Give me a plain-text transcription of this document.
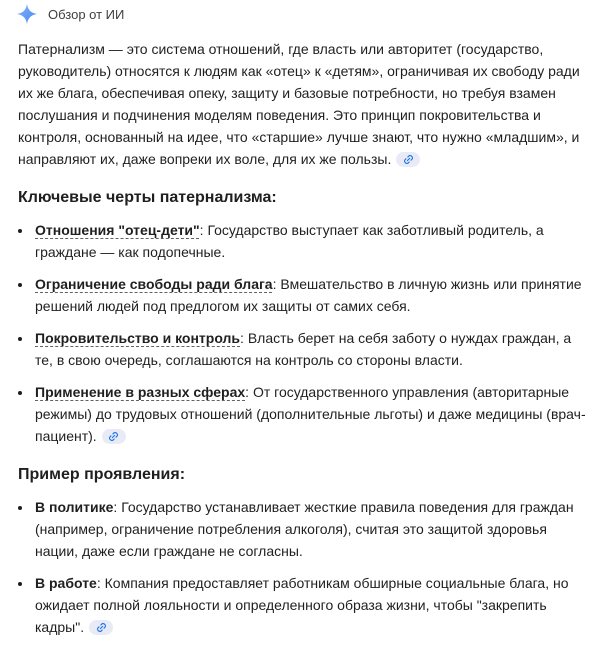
Обзор от ИИ

Патернализм — это система отношений, где власть или авторитет (государство, руководитель) относятся к людям как «отец» к «детям», ограничивая их свободу ради их же блага, обеспечивая опеку, защиту и базовые потребности, но требуя взамен послушания и подчинения моделям поведения. Это принцип покровительства и контроля, основанный на идее, что «старшие» лучше знают, что нужно «младшим», и направляют их, даже вопреки их воле, для их же пользы.

Ключевые черты патернализма:
Отношения "отец-дети": Государство выступает как заботливый родитель, а граждане — как подопечные.
Ограничение свободы ради блага: Вмешательство в личную жизнь или принятие решений людей под предлогом их защиты от самих себя.
Покровительство и контроль: Власть берет на себя заботу о нуждах граждан, а те, в свою очередь, соглашаются на контроль со стороны власти.
Применение в разных сферах: От государственного управления (авторитарные режимы) до трудовых отношений (дополнительные льготы) и даже медицины (врач-пациент).
Пример проявления:
В политике: Государство устанавливает жесткие правила поведения для граждан (например, ограничение потребления алкоголя), считая это защитой здоровья нации, даже если граждане не согласны.
В работе: Компания предоставляет работникам обширные социальные блага, но ожидает полной лояльности и определенного образа жизни, чтобы "закрепить кадры".
